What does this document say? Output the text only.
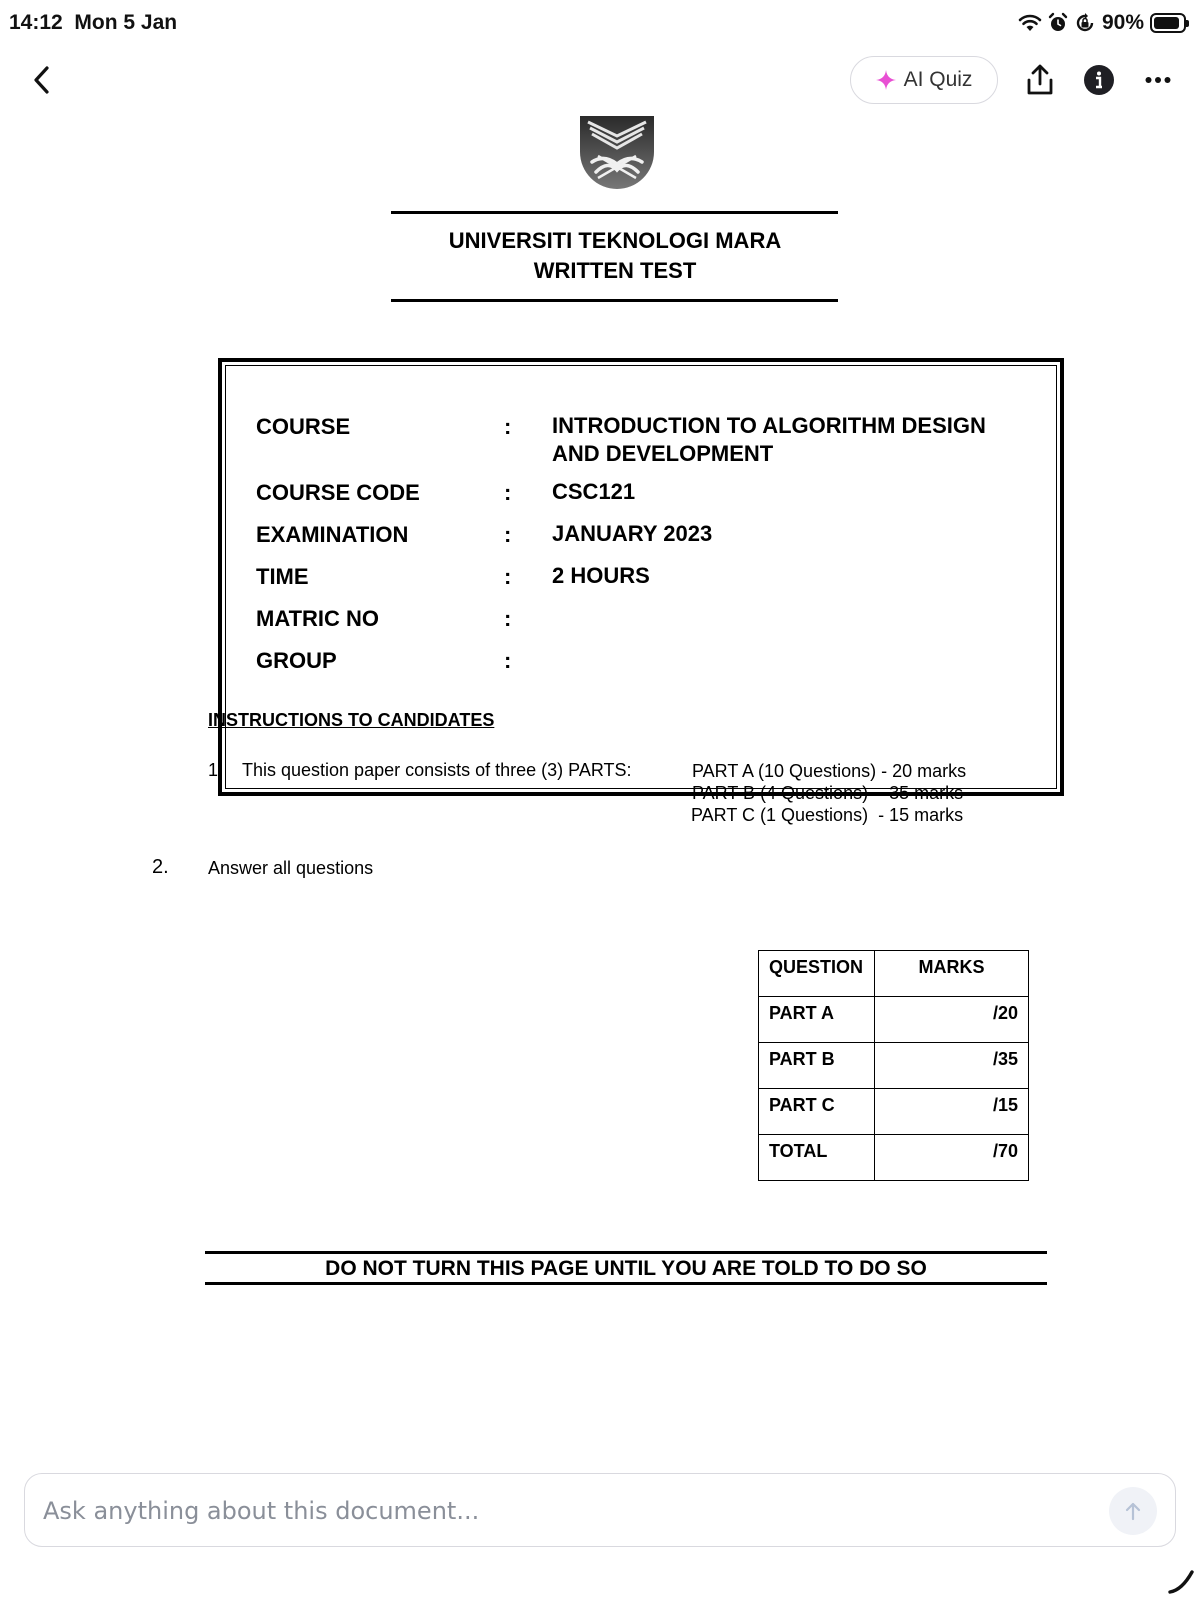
14:12 Mon 5 Jan	90%
AI Quiz
UNIVERSITI TEKNOLOGI MARA
WRITTEN TEST
COURSE	: INTRODUCTION TO ALGORITHM DESIGN
AND DEVELOPMENT
COURSE CODE	: CSC121
EXAMINATION	: JANUARY 2023
TIME	: 2 HOURS
MATRIC NO	:
GROUP	:
INSTRUCTIONS TO CANDIDATES
1. This question paper consists of three (3) PARTS:	PART A (10 Questions) - 20 marks
PART B (4 Questions)  - 35 marks
PART C (1 Questions)  - 15 marks
2. Answer all questions
QUESTION	MARKS
PART A	/20
PART B	/35
PART C	/15
TOTAL	/70
DO NOT TURN THIS PAGE UNTIL YOU ARE TOLD TO DO SO
Ask anything about this document...
